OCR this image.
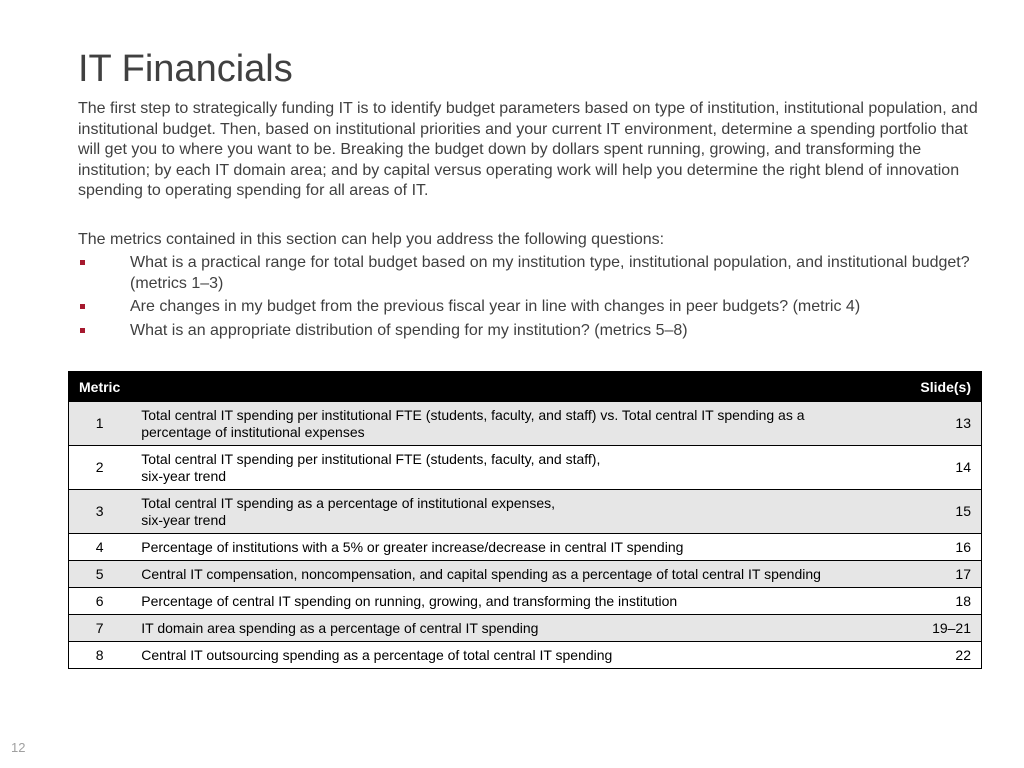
IT Financials

The first step to strategically funding IT is to identify budget parameters based on type of institution, institutional population, and institutional budget. Then, based on institutional priorities and your current IT environment, determine a spending portfolio that will get you to where you want to be. Breaking the budget down by dollars spent running, growing, and transforming the institution; by each IT domain area; and by capital versus operating work will help you determine the right blend of innovation spending to operating spending for all areas of IT.

The metrics contained in this section can help you address the following questions:

What is a practical range for total budget based on my institution type, institutional population, and institutional budget? (metrics 1–3)
Are changes in my budget from the previous fiscal year in line with changes in peer budgets? (metric 4)
What is an appropriate distribution of spending for my institution? (metrics 5–8)
Metric		Slide(s)
1	Total central IT spending per institutional FTE (students, faculty, and staff) vs. Total central IT spending as a
percentage of institutional expenses	13
2	Total central IT spending per institutional FTE (students, faculty, and staff),
six-year trend	14
3	Total central IT spending as a percentage of institutional expenses,
six-year trend	15
4	Percentage of institutions with a 5% or greater increase/decrease in central IT spending	16
5	Central IT compensation, noncompensation, and capital spending as a percentage of total central IT spending	17
6	Percentage of central IT spending on running, growing, and transforming the institution	18
7	IT domain area spending as a percentage of central IT spending	19–21
8	Central IT outsourcing spending as a percentage of total central IT spending	22
12
